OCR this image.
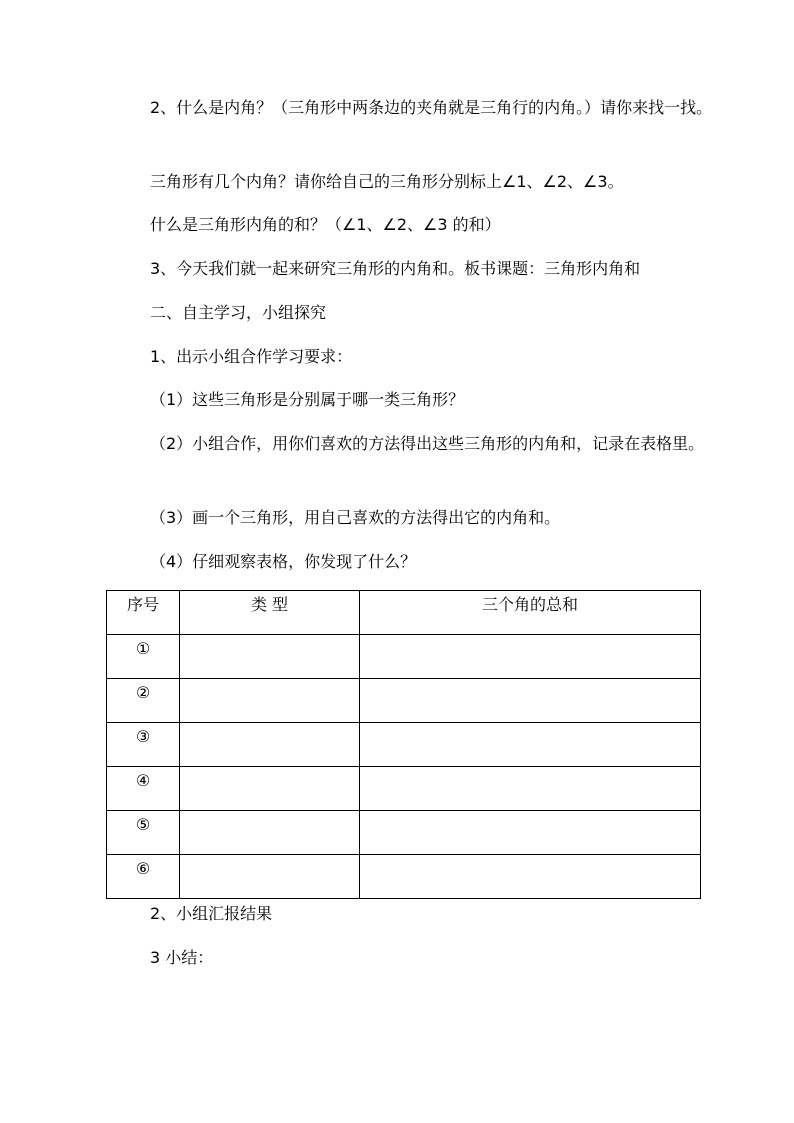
2、什么是内角？（三角形中两条边的夹角就是三角行的内角。）请你来找一找。
三角形有几个内角？请你给自己的三角形分别标上∠1、∠2、∠3。
什么是三角形内角的和？（∠1、∠2、∠3 的和）
3、今天我们就一起来研究三角形的内角和。板书课题：三角形内角和
二、自主学习，小组探究
1、出示小组合作学习要求：
（1）这些三角形是分别属于哪一类三角形？
（2）小组合作，用你们喜欢的方法得出这些三角形的内角和，记录在表格里。
（3）画一个三角形，用自己喜欢的方法得出它的内角和。
（4）仔细观察表格，你发现了什么？
序号	类 型	三个角的总和
①		
②		
③		
④		
⑤		
⑥		
2、小组汇报结果
3 小结：
